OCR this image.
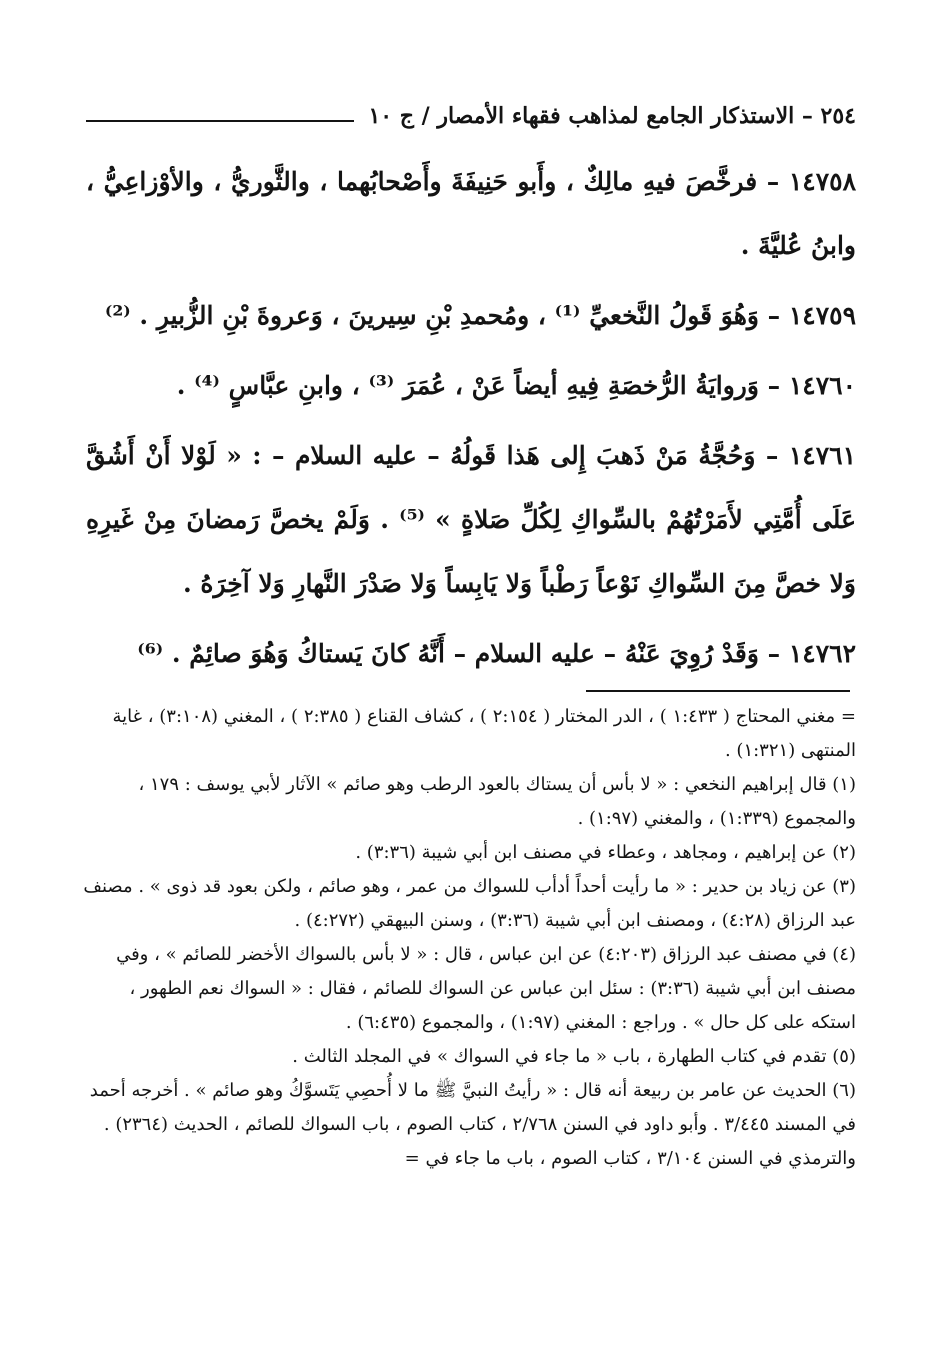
٢٥٤ – الاستذكار الجامع لمذاهب فقهاء الأمصار / ج ١٠

١٤٧٥٨ – فرخَّصَ فيهِ مالِكٌ ، وأَبو حَنِيفَةَ وأَصْحابُهما ، والثَّوريُّ ، والأوْزاعِيُّ ، وابنُ عُليَّةَ .

١٤٧٥٩ – وَهُوَ قَولُ النَّخعيِّ ⁽¹⁾ ، ومُحمدِ بْنِ سِيرينَ ، وَعروةَ بْنِ الزُّبيرِ . ⁽²⁾

١٤٧٦٠ – وَروايَةُ الرُّخصَةِ فِيهِ أيضاً عَنْ ، عُمَرَ ⁽³⁾ ، وابنِ عبَّاسٍ ⁽⁴⁾ .

١٤٧٦١ – وَحُجَّةُ مَنْ ذَهبَ إِلى هَذا قَولُهُ – عليه السلام – : « لَوْلا أَنْ أَشُقَّ عَلَى أُمَّتِي لأَمَرْتُهُمْ بالسِّواكِ لِكُلِّ صَلاةٍ » ⁽⁵⁾ . وَلَمْ يخصَّ رَمضانَ مِنْ غَيرِهِ وَلا خصَّ مِنَ السِّواكِ نَوْعاً رَطْباً وَلا يَابِساً وَلا صَدْرَ النَّهارِ وَلا آخِرَهُ .

١٤٧٦٢ – وَقَدْ رُوِيَ عَنْهُ – عليه السلام – أَنَّهُ كانَ يَستاكُ وَهُوَ صائِمٌ . ⁽⁶⁾

= مغني المحتاج ( ١:٤٣٣ ) ، الدر المختار ( ٢:١٥٤ ) ، كشاف القناع ( ٢:٣٨٥ ) ، المغني (٣:١٠٨) ، غاية المنتهى (١:٣٢١) .

(١) قال إبراهيم النخعي : « لا بأس أن يستاك بالعود الرطب وهو صائم » الآثار لأبي يوسف : ١٧٩ ، والمجموع (١:٣٣٩) ، والمغني (١:٩٧) .

(٢) عن إبراهيم ، ومجاهد ، وعطاء في مصنف ابن أبي شيبة (٣:٣٦) .

(٣) عن زياد بن حدير : « ما رأيت أحداً أدأب للسواك من عمر ، وهو صائم ، ولكن بعود قد ذوى » . مصنف عبد الرزاق (٤:٢٨) ، ومصنف ابن أبي شيبة (٣:٣٦) ، وسنن البيهقي (٤:٢٧٢) .

(٤) في مصنف عبد الرزاق (٤:٢٠٣) عن ابن عباس ، قال : « لا بأس بالسواك الأخضر للصائم » ، وفي مصنف ابن أبي شيبة (٣:٣٦) : سئل ابن عباس عن السواك للصائم ، فقال : « السواك نعم الطهور ، استكه على كل حال » . وراجع : المغني (١:٩٧) ، والمجموع (٦:٤٣٥) .

(٥) تقدم في كتاب الطهارة ، باب « ما جاء في السواك » في المجلد الثالث .

(٦) الحديث عن عامر بن ربيعة أنه قال : « رأيتُ النبيَّ ﷺ ما لا أُحصِي يَتَسوَّكُ وهو صائم » . أخرجه أحمد في المسند ٣/٤٤٥ . وأبو داود في السنن ٢/٧٦٨ ، كتاب الصوم ، باب السواك للصائم ، الحديث (٢٣٦٤) . والترمذي في السنن ٣/١٠٤ ، كتاب الصوم ، باب ما جاء في =
